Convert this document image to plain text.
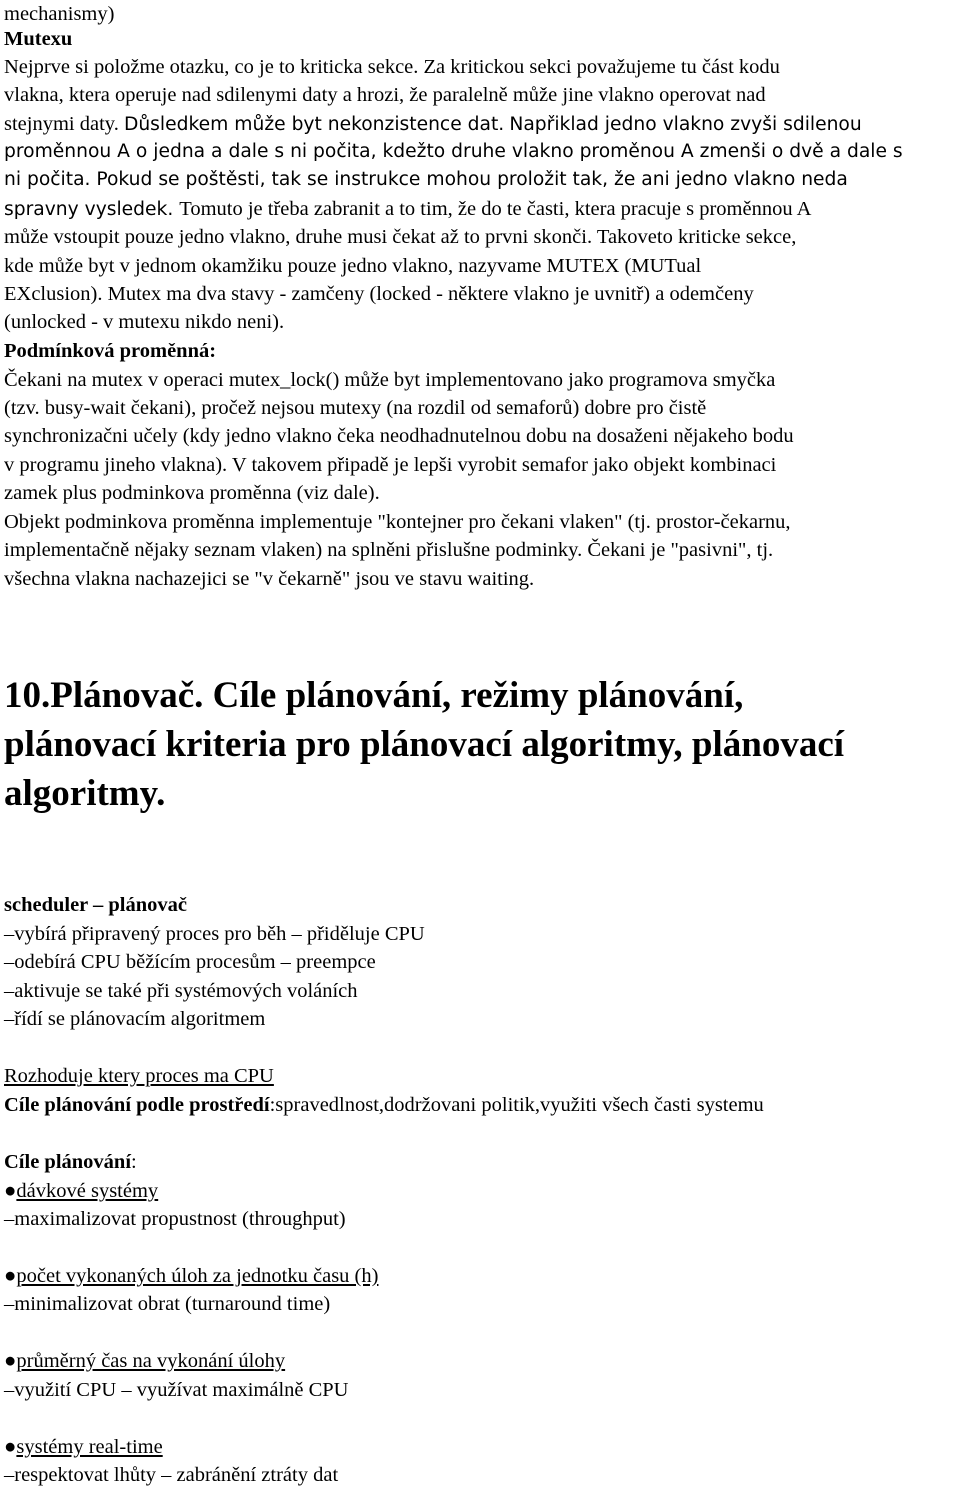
mechanismy)
Mutexu
Nejprve si položme otazku, co je to kriticka sekce. Za kritickou sekci považujeme tu část kodu
vlakna, ktera operuje nad sdilenymi daty a hrozi, že paralelně může jine vlakno operovat nad
stejnymi daty. Důsledkem může byt nekonzistence dat. Napřiklad jedno vlakno zvyši sdilenou
proměnnou A o jedna a dale s ni počita, kdežto druhe vlakno proměnou A zmenši o dvě a dale s
ni počita. Pokud se poštěsti, tak se instrukce mohou proložit tak, že ani jedno vlakno neda
spravny vysledek. Tomuto je třeba zabranit a to tim, že do te časti, ktera pracuje s proměnnou A
může vstoupit pouze jedno vlakno, druhe musi čekat až to prvni skonči. Takoveto kriticke sekce,
kde může byt v jednom okamžiku pouze jedno vlakno, nazyvame MUTEX (MUTual
EXclusion). Mutex ma dva stavy - zamčeny (locked - některe vlakno je uvnitř) a odemčeny
(unlocked - v mutexu nikdo neni).
Podmínková proměnná:
Čekani na mutex v operaci mutex_lock() může byt implementovano jako programova smyčka
(tzv. busy-wait čekani), pročež nejsou mutexy (na rozdil od semaforů) dobre pro čistě
synchronizačni učely (kdy jedno vlakno čeka neodhadnutelnou dobu na dosaženi nějakeho bodu
v programu jineho vlakna). V takovem připadě je lepši vyrobit semafor jako objekt kombinaci
zamek plus podminkova proměnna (viz dale).
Objekt podminkova proměnna implementuje "kontejner pro čekani vlaken" (tj. prostor-čekarnu,
implementačně nějaky seznam vlaken) na splněni přislušne podminky. Čekani je "pasivni", tj.
všechna vlakna nachazejici se "v čekarně" jsou ve stavu waiting.
10.Plánovač. Cíle plánování, režimy plánování,
plánovací kriteria pro plánovací algoritmy, plánovací
algoritmy.
scheduler – plánovač
–vybírá připravený proces pro běh – přiděluje CPU
–odebírá CPU běžícím procesům – preempce
–aktivuje se také při systémových voláních
–řídí se plánovacím algoritmem
Rozhoduje ktery proces ma CPU
Cíle plánování podle prostředí:spravedlnost,dodržovani politik,využiti všech časti systemu
Cíle plánování:
●dávkové systémy
–maximalizovat propustnost (throughput)
●počet vykonaných úloh za jednotku času (h)
–minimalizovat obrat (turnaround time)
●průměrný čas na vykonání úlohy
–využití CPU – využívat maximálně CPU
●systémy real-time
–respektovat lhůty – zabránění ztráty dat
